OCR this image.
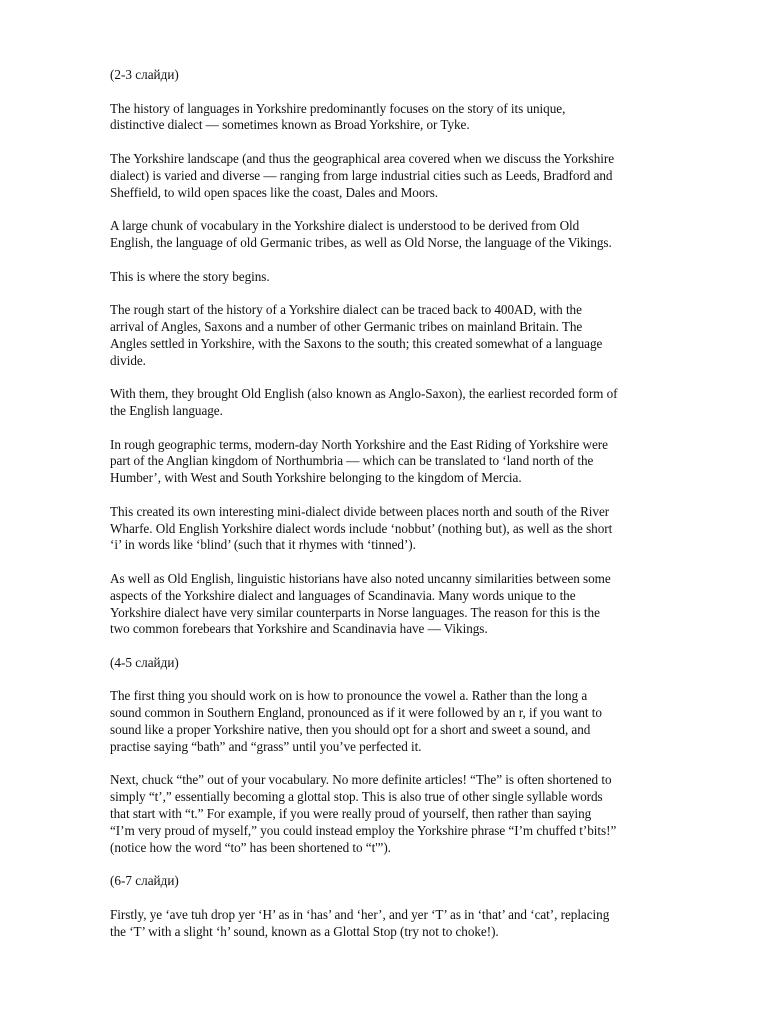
(2-3 слайди)
The history of languages in Yorkshire predominantly focuses on the story of its unique,
distinctive dialect — sometimes known as Broad Yorkshire, or Tyke.
The Yorkshire landscape (and thus the geographical area covered when we discuss the Yorkshire
dialect) is varied and diverse — ranging from large industrial cities such as Leeds, Bradford and
Sheffield, to wild open spaces like the coast, Dales and Moors.
A large chunk of vocabulary in the Yorkshire dialect is understood to be derived from Old
English, the language of old Germanic tribes, as well as Old Norse, the language of the Vikings.
This is where the story begins.
The rough start of the history of a Yorkshire dialect can be traced back to 400AD, with the
arrival of Angles, Saxons and a number of other Germanic tribes on mainland Britain. The
Angles settled in Yorkshire, with the Saxons to the south; this created somewhat of a language
divide.
With them, they brought Old English (also known as Anglo-Saxon), the earliest recorded form of
the English language.
In rough geographic terms, modern-day North Yorkshire and the East Riding of Yorkshire were
part of the Anglian kingdom of Northumbria — which can be translated to ‘land north of the
Humber’, with West and South Yorkshire belonging to the kingdom of Mercia.
This created its own interesting mini-dialect divide between places north and south of the River
Wharfe. Old English Yorkshire dialect words include ‘nobbut’ (nothing but), as well as the short
‘i’ in words like ‘blind’ (such that it rhymes with ‘tinned’).
As well as Old English, linguistic historians have also noted uncanny similarities between some
aspects of the Yorkshire dialect and languages of Scandinavia. Many words unique to the
Yorkshire dialect have very similar counterparts in Norse languages. The reason for this is the
two common forebears that Yorkshire and Scandinavia have — Vikings.
(4-5 слайди)
The first thing you should work on is how to pronounce the vowel a. Rather than the long a
sound common in Southern England, pronounced as if it were followed by an r, if you want to
sound like a proper Yorkshire native, then you should opt for a short and sweet a sound, and
practise saying “bath” and “grass” until you’ve perfected it.
Next, chuck “the” out of your vocabulary. No more definite articles! “The” is often shortened to
simply “t’,” essentially becoming a glottal stop. This is also true of other single syllable words
that start with “t.” For example, if you were really proud of yourself, then rather than saying
“I’m very proud of myself,” you could instead employ the Yorkshire phrase “I’m chuffed t’bits!”
(notice how the word “to” has been shortened to “t'”).
(6-7 слайди)
Firstly, ye ‘ave tuh drop yer ‘H’ as in ‘has’ and ‘her’, and yer ‘T’ as in ‘that’ and ‘cat’, replacing
the ‘T’ with a slight ‘h’ sound, known as a Glottal Stop (try not to choke!).
